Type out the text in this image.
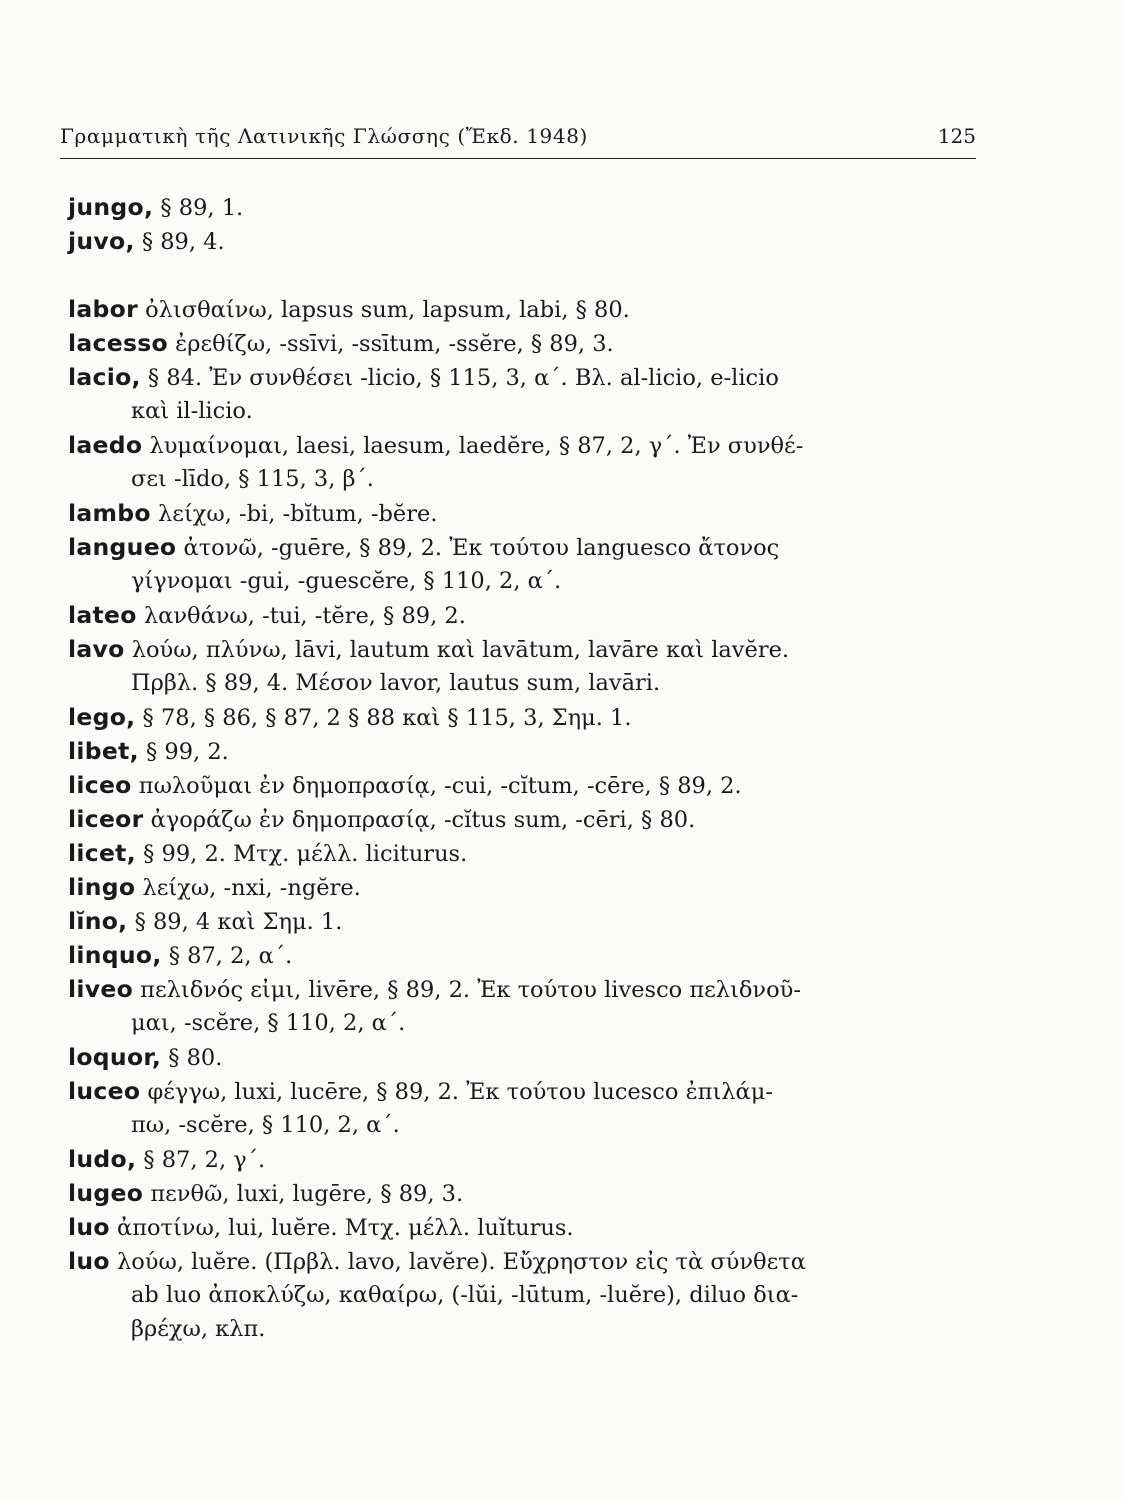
Γραμματικὴ τῆς Λατινικῆς Γλώσσης (Ἔκδ. 1948)	125
jungo, § 89, 1.
juvo, § 89, 4.
labor ὀλισθαίνω, lapsus sum, lapsum, labi, § 80.
lacesso ἐρεθίζω, -ssīvi, -ssītum, -ssĕre, § 89, 3.
lacio, § 84. Ἐν συνθέσει -licio, § 115, 3, α΄. Βλ. al-licio, e-licio
καὶ il-licio.
laedo λυμαίνομαι, laesi, laesum, laedĕre, § 87, 2, γ΄. Ἐν συνθέ-
σει -līdo, § 115, 3, β΄.
lambo λείχω, -bi, -bĭtum, -bĕre.
langueo ἀτονῶ, -guēre, § 89, 2. Ἐκ τούτου languesco ἄτονος
γίγνομαι -gui, -guescĕre, § 110, 2, α΄.
lateo λανθάνω, -tui, -tĕre, § 89, 2.
lavo λούω, πλύνω, lāvi, lautum καὶ lavātum, lavāre καὶ lavĕre.
Πρβλ. § 89, 4. Μέσον lavor, lautus sum, lavāri.
lego, § 78, § 86, § 87, 2 § 88 καὶ § 115, 3, Σημ. 1.
libet, § 99, 2.
liceo πωλοῦμαι ἐν δημοπρασίᾳ, -cui, -cĭtum, -cēre, § 89, 2.
liceor ἀγοράζω ἐν δημοπρασίᾳ, -cĭtus sum, -cēri, § 80.
licet, § 99, 2. Μτχ. μέλλ. liciturus.
lingo λείχω, -nxi, -ngĕre.
lĭno, § 89, 4 καὶ Σημ. 1.
linquo, § 87, 2, α΄.
liveo πελιδνός εἰμι, livēre, § 89, 2. Ἐκ τούτου livesco πελιδνοῦ-
μαι, -scĕre, § 110, 2, α΄.
loquor, § 80.
luceo φέγγω, luxi, lucēre, § 89, 2. Ἐκ τούτου lucesco ἐπιλάμ-
πω, -scĕre, § 110, 2, α΄.
ludo, § 87, 2, γ΄.
lugeo πενθῶ, luxi, lugēre, § 89, 3.
luo ἀποτίνω, lui, luĕre. Μτχ. μέλλ. luĭturus.
luo λούω, luĕre. (Πρβλ. lavo, lavĕre). Εὔχρηστον εἰς τὰ σύνθετα
ab luo ἀποκλύζω, καθαίρω, (-lŭi, -lūtum, -luĕre), diluo δια-
βρέχω, κλπ.
